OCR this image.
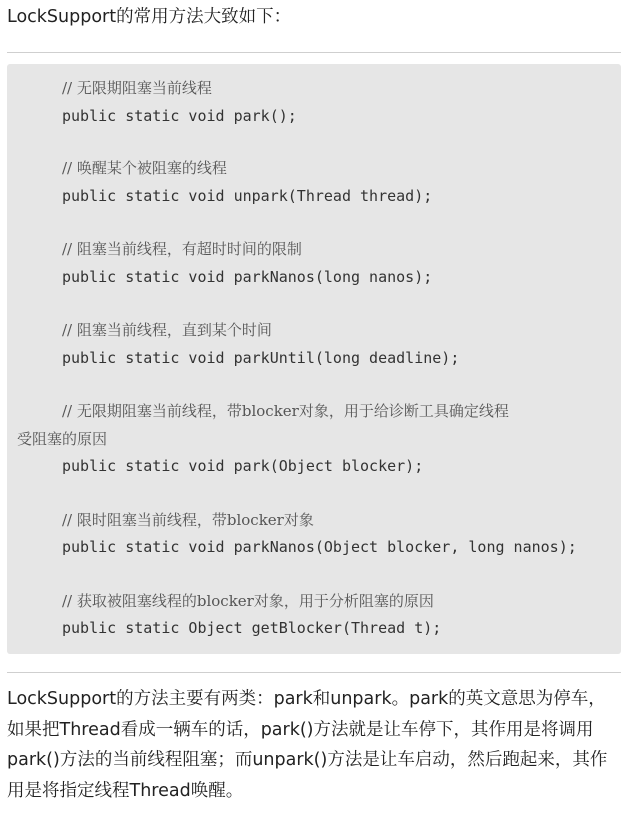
LockSupport的常用方法大致如下：
// 无限期阻塞当前线程
public static void park();
// 唤醒某个被阻塞的线程
public static void unpark(Thread thread);
// 阻塞当前线程，有超时时间的限制
public static void parkNanos(long nanos);
// 阻塞当前线程，直到某个时间
public static void parkUntil(long deadline);
// 无限期阻塞当前线程，带blocker对象，用于给诊断工具确定线程
受阻塞的原因
public static void park(Object blocker);
// 限时阻塞当前线程，带blocker对象
public static void parkNanos(Object blocker, long nanos);
// 获取被阻塞线程的blocker对象，用于分析阻塞的原因
public static Object getBlocker(Thread t);
LockSupport的方法主要有两类：park和unpark。park的英文意思为停车，
如果把Thread看成一辆车的话，park()方法就是让车停下，其作用是将调用
park()方法的当前线程阻塞；而unpark()方法是让车启动，然后跑起来，其作
用是将指定线程Thread唤醒。
